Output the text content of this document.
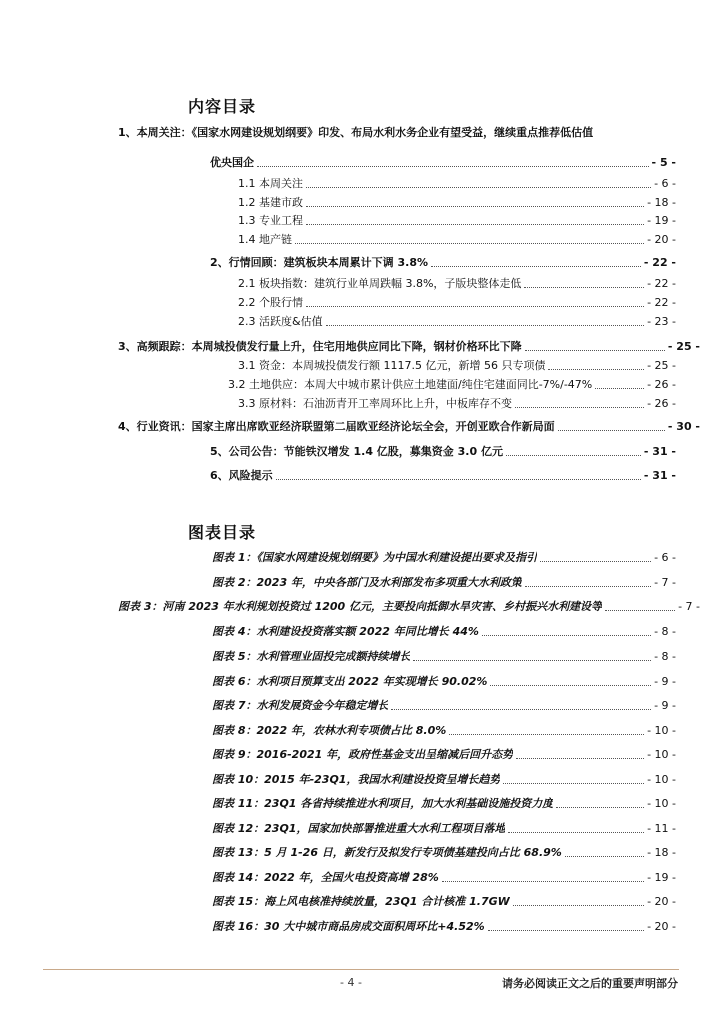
内容目录
1、本周关注：《国家水网建设规划纲要》印发、布局水利水务企业有望受益，继续重点推荐低估值
优央国企	- 5 -
1.1 本周关注	- 6 -
1.2 基建市政	- 18 -
1.3 专业工程	- 19 -
1.4 地产链	- 20 -
2、行情回顾：建筑板块本周累计下调 3.8%	- 22 -
2.1 板块指数：建筑行业单周跌幅 3.8%，子版块整体走低	- 22 -
2.2 个股行情	- 22 -
2.3 活跃度&估值	- 23 -
3、高频跟踪：本周城投债发行量上升，住宅用地供应同比下降，钢材价格环比下降	- 25 -
3.1 资金：本周城投债发行额 1117.5 亿元，新增 56 只专项债	- 25 -
3.2 土地供应：本周大中城市累计供应土地建面/纯住宅建面同比-7%/-47%	- 26 -
3.3 原材料：石油沥青开工率周环比上升，中板库存不变	- 26 -
4、行业资讯：国家主席出席欧亚经济联盟第二届欧亚经济论坛全会，开创亚欧合作新局面	- 30 -
5、公司公告：节能铁汉增发 1.4 亿股，募集资金 3.0 亿元	- 31 -
6、风险提示	- 31 -
图表目录
图表 1：《国家水网建设规划纲要》为中国水利建设提出要求及指引	- 6 -
图表 2：2023 年，中央各部门及水利部发布多项重大水利政策	- 7 -
图表 3：河南 2023 年水利规划投资过 1200 亿元，主要投向抵御水旱灾害、乡村振兴水利建设等	- 7 -
图表 4：水利建设投资落实额 2022 年同比增长 44%	- 8 -
图表 5：水利管理业固投完成额持续增长	- 8 -
图表 6：水利项目预算支出 2022 年实现增长 90.02%	- 9 -
图表 7：水利发展资金今年稳定增长	- 9 -
图表 8：2022 年，农林水利专项债占比 8.0%	- 10 -
图表 9：2016-2021 年，政府性基金支出呈缩减后回升态势	- 10 -
图表 10：2015 年-23Q1，我国水利建设投资呈增长趋势	- 10 -
图表 11：23Q1 各省持续推进水利项目，加大水利基础设施投资力度	- 10 -
图表 12：23Q1，国家加快部署推进重大水利工程项目落地	- 11 -
图表 13：5 月 1-26 日，新发行及拟发行专项债基建投向占比 68.9%	- 18 -
图表 14：2022 年，全国火电投资高增 28%	- 19 -
图表 15：海上风电核准持续放量，23Q1 合计核准 1.7GW	- 20 -
图表 16：30 大中城市商品房成交面积周环比+4.52%	- 20 -
- 4 -	请务必阅读正文之后的重要声明部分
